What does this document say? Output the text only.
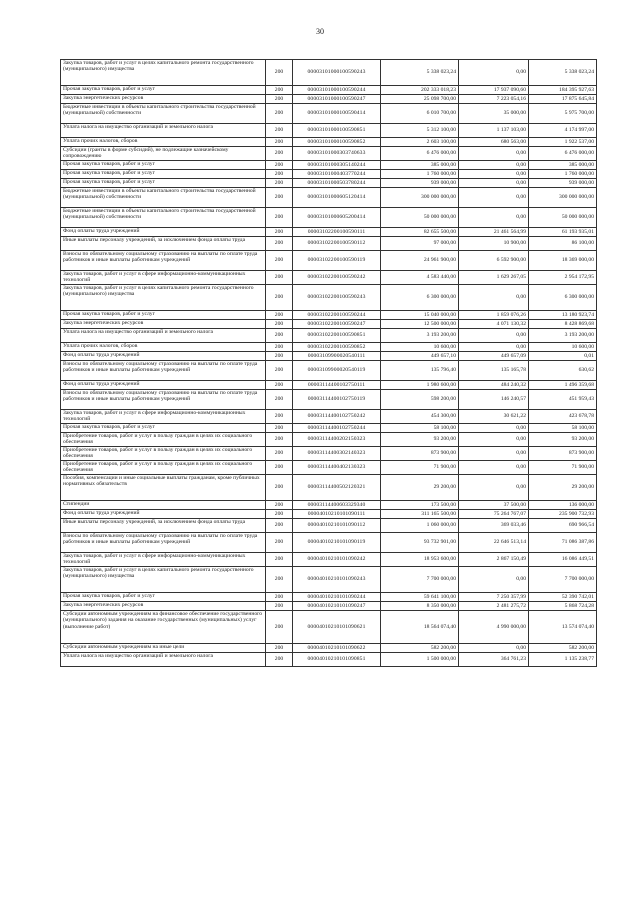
30
Закупка товаров, работ и услуг в целях капитального ремонта государственного (муниципального) имущества	200	00003101000100590243	5 338 023,24	0,00	5 338 023,24
Прочая закупка товаров, работ и услуг	200	00003101000100590244	202 333 018,23	17 937 090,60	184 395 927,63
Закупка энергетических ресурсов	200	00003101000100590247	25 098 700,00	7 223 054,16	17 875 645,84
Бюджетные инвестиции в объекты капитального строительства государственной (муниципальной) собственности	200	00003101000100590414	6 010 700,00	35 000,00	5 975 700,00
Уплата налога на имущество организаций и земельного налога	200	00003101000100590851	5 312 100,00	1 137 103,00	4 174 997,00
Уплата прочих налогов, сборов	200	00003101000100590852	2 603 100,00	680 563,00	1 922 537,00
Субсидии (гранты в форме субсидий), не подлежащие казначейскому сопровождению	200	00003101000303740633	6 476 000,00	0,00	6 476 000,00
Прочая закупка товаров, работ и услуг	200	00003101000305140244	385 000,00	0,00	385 000,00
Прочая закупка товаров, работ и услуг	200	00003101000403770244	1 760 000,00	0,00	1 760 000,00
Прочая закупка товаров, работ и услуг	200	00003101000503780244	939 000,00	0,00	939 000,00
Бюджетные инвестиции в объекты капитального строительства государственной (муниципальной) собственности	200	00003101000605120414	300 000 000,00	0,00	300 000 000,00
Бюджетные инвестиции в объекты капитального строительства государственной (муниципальной) собственности	200	00003101000605200414	50 000 000,00	0,00	50 000 000,00
Фонд оплаты труда учреждений	200	00003102200100590111	82 655 500,00	21 461 564,99	61 193 935,01
Иные выплаты персоналу учреждений, за исключением фонда оплаты труда	200	00003102200100590112	97 000,00	10 900,00	86 100,00
Взносы по обязательному социальному страхованию на выплаты по оплате труда работников и иные выплаты работникам учреждений	200	00003102200100590119	24 961 900,00	6 592 900,00	18 369 000,00
Закупка товаров, работ и услуг в сфере информационно-коммуникационных технологий	200	00003102200100590242	4 583 440,00	1 629 267,05	2 954 172,95
Закупка товаров, работ и услуг в целях капитального ремонта государственного (муниципального) имущества	200	00003102200100590243	6 300 000,00	0,00	6 300 000,00
Прочая закупка товаров, работ и услуг	200	00003102200100590244	15 040 000,00	1 859 076,26	13 180 923,74
Закупка энергетических ресурсов	200	00003102200100590247	12 500 000,00	4 071 130,32	8 428 869,68
Уплата налога на имущество организаций и земельного налога	200	00003102200100590851	3 193 200,00	0,00	3 193 200,00
Уплата прочих налогов, сборов	200	00003102200100590852	10 600,00	0,00	10 600,00
Фонд оплаты труда учреждений	200	00003109900020540111	449 657,10	449 657,09	0,01
Взносы по обязательному социальному страхованию на выплаты по оплате труда работников и иные выплаты работникам учреждений	200	00003109900020540119	135 796,40	135 165,78	630,62
Фонд оплаты труда учреждений	200	00003114400102750111	1 980 600,00	484 240,32	1 496 359,68
Взносы по обязательному социальному страхованию на выплаты по оплате труда работников и иные выплаты работникам учреждений	200	00003114400102750119	598 200,00	146 240,57	451 959,43
Закупка товаров, работ и услуг в сфере информационно-коммуникационных технологий	200	00003114400102750242	454 300,00	30 621,22	423 678,78
Прочая закупка товаров, работ и услуг	200	00003114400102750244	58 100,00	0,00	58 100,00
Приобретение товаров, работ и услуг в пользу граждан в целях их социального обеспечения	200	00003114400202150323	93 200,00	0,00	93 200,00
Приобретение товаров, работ и услуг в пользу граждан в целях их социального обеспечения	200	00003114400302140323	873 900,00	0,00	873 900,00
Приобретение товаров, работ и услуг в пользу граждан в целях их социального обеспечения	200	00003114400402130323	71 900,00	0,00	71 900,00
Пособия, компенсации и иные социальные выплаты гражданам, кроме публичных нормативных обязательств	200	00003114400502120321	29 200,00	0,00	29 200,00
Стипендии	200	00003114400603329340	173 500,00	37 500,00	136 000,00
Фонд оплаты труда учреждений	200	00004010210101090111	311 165 500,00	75 264 767,07	235 900 732,93
Иные выплаты персоналу учреждений, за исключением фонда оплаты труда	200	00004010210101090112	1 060 000,00	369 033,46	690 966,54
Взносы по обязательному социальному страхованию на выплаты по оплате труда работников и иные выплаты работникам учреждений	200	00004010210101090119	93 732 901,00	22 646 513,14	71 086 387,86
Закупка товаров, работ и услуг в сфере информационно-коммуникационных технологий	200	00004010210101090242	18 953 600,00	2 867 150,49	16 086 449,51
Закупка товаров, работ и услуг в целях капитального ремонта государственного (муниципального) имущества	200	00004010210101090243	7 700 000,00	0,00	7 700 000,00
Прочая закупка товаров, работ и услуг	200	00004010210101090244	59 641 100,00	7 250 357,99	52 390 742,01
Закупка энергетических ресурсов	200	00004010210101090247	8 350 000,00	2 481 275,72	5 868 724,28
Субсидии автономным учреждениям на финансовое обеспечение государственного (муниципального) задания на оказание государственных (муниципальных) услуг (выполнение работ)	200	00004010210101090621	18 564 074,40	4 990 000,00	13 574 074,40
Субсидии автономным учреждениям на иные цели	200	00004010210101090622	582 200,00	0,00	582 200,00
Уплата налога на имущество организаций и земельного налога	200	00004010210101090851	1 500 000,00	364 761,23	1 135 238,77
